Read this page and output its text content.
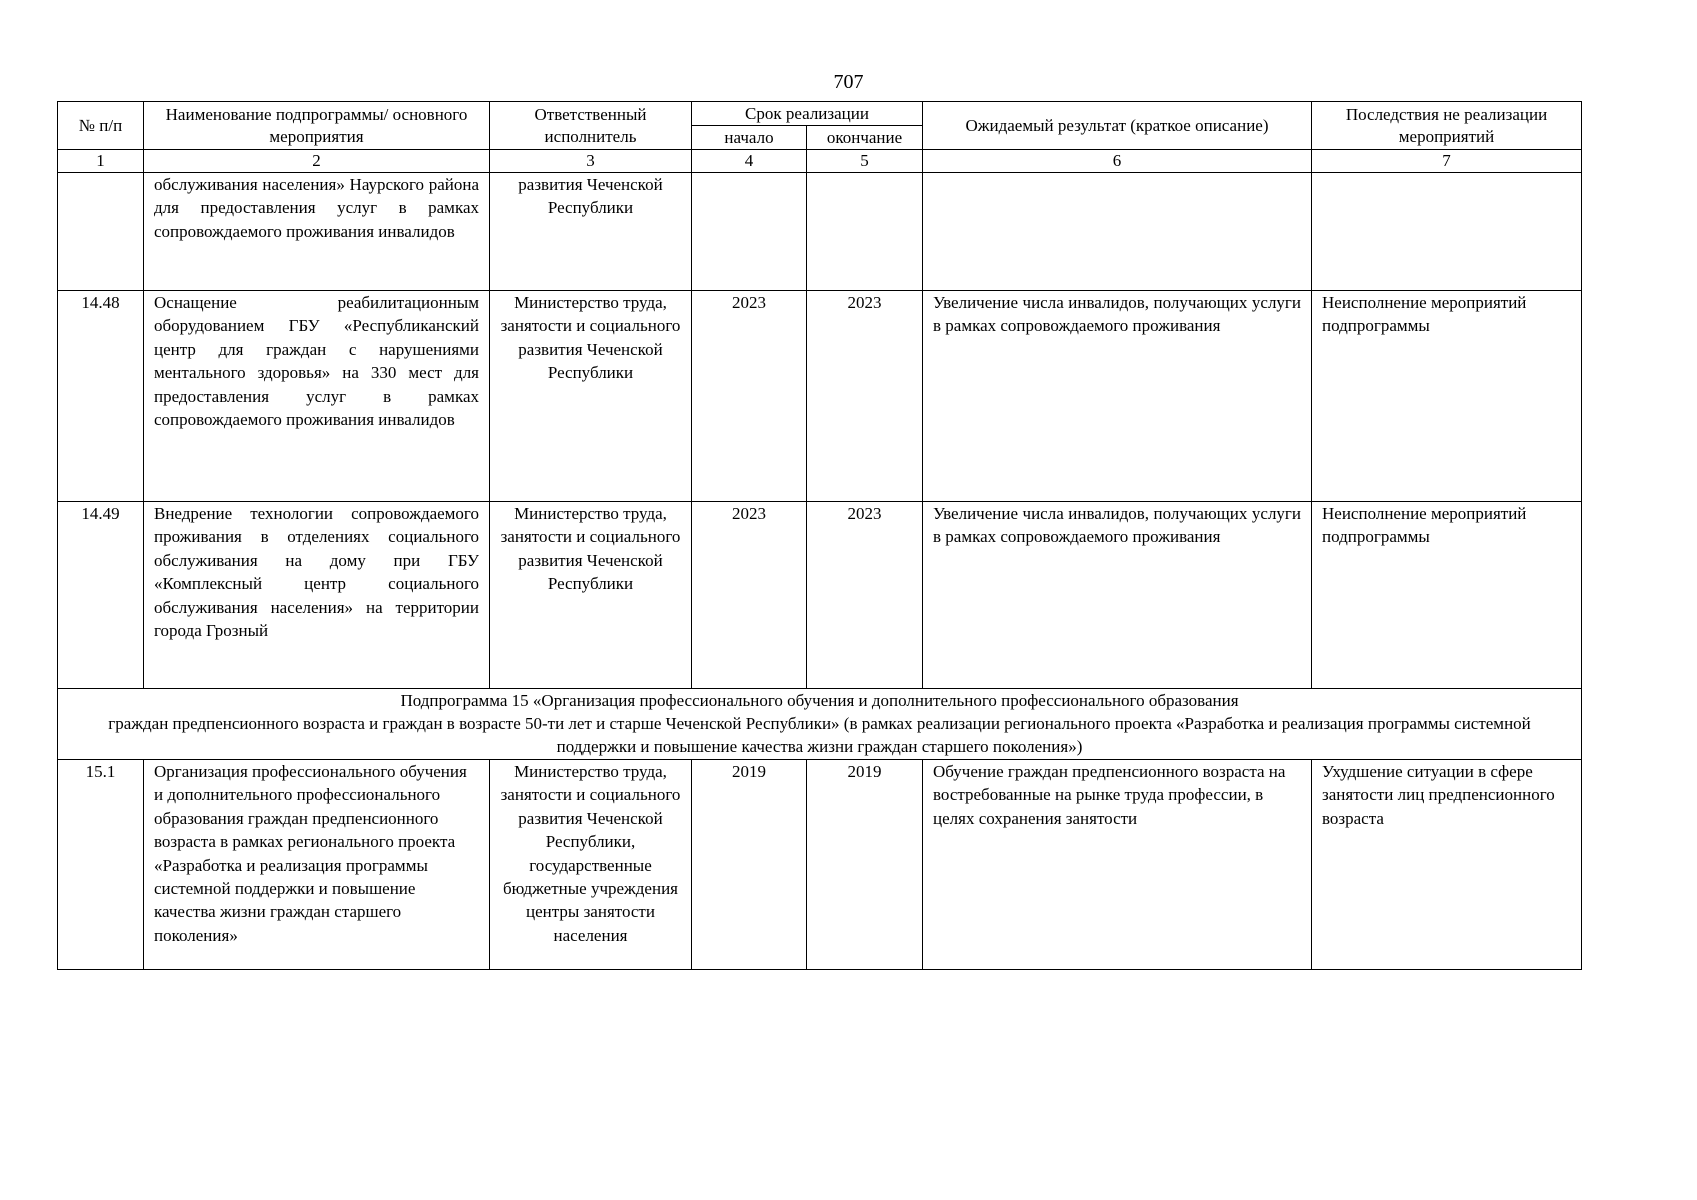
707
№ п/п	Наименование подпрограммы/ основного мероприятия	Ответственный исполнитель	Срок реализации		Ожидаемый результат (краткое описание)	Последствия не реализации мероприятий
			начало	окончание		
1	2	3	4	5	6	7
	обслуживания населения» Наурского района для предоставления услуг в рамках сопровождаемого проживания инвалидов	развития Чеченской Республики				
14.48	Оснащение реабилитационным оборудованием ГБУ «Республиканский центр для граждан с нарушениями ментального здоровья» на 330 мест для предоставления услуг в рамках сопровождаемого проживания инвалидов	Министерство труда, занятости и социального развития Чеченской Республики	2023	2023	Увеличение числа инвалидов, получающих услуги в рамках сопровождаемого проживания	Неисполнение мероприятий подпрограммы
14.49	Внедрение технологии сопровождаемого проживания в отделениях социального обслуживания на дому при ГБУ «Комплексный центр социального обслуживания населения» на территории города Грозный	Министерство труда, занятости и социального развития Чеченской Республики	2023	2023	Увеличение числа инвалидов, получающих услуги в рамках сопровождаемого проживания	Неисполнение мероприятий подпрограммы

Подпрограмма 15 «Организация профессионального обучения и дополнительного профессионального образования
граждан предпенсионного возраста и граждан в возрасте 50-ти лет и старше Чеченской Республики» (в рамках реализации регионального проекта «Разработка и реализация программы системной поддержки и повышение качества жизни граждан старшего поколения»)						

15.1	Организация профессионального обучения и дополнительного профессионального образования граждан предпенсионного возраста в рамках регионального проекта «Разработка и реализация программы системной поддержки и повышение качества жизни граждан старшего поколения»	Министерство труда, занятости и социального развития Чеченской Республики, государственные бюджетные учреждения центры занятости населения	2019	2019	Обучение граждан предпенсионного возраста на востребованные на рынке труда профессии, в целях сохранения занятости	Ухудшение ситуации в сфере занятости лиц предпенсионного возраста
